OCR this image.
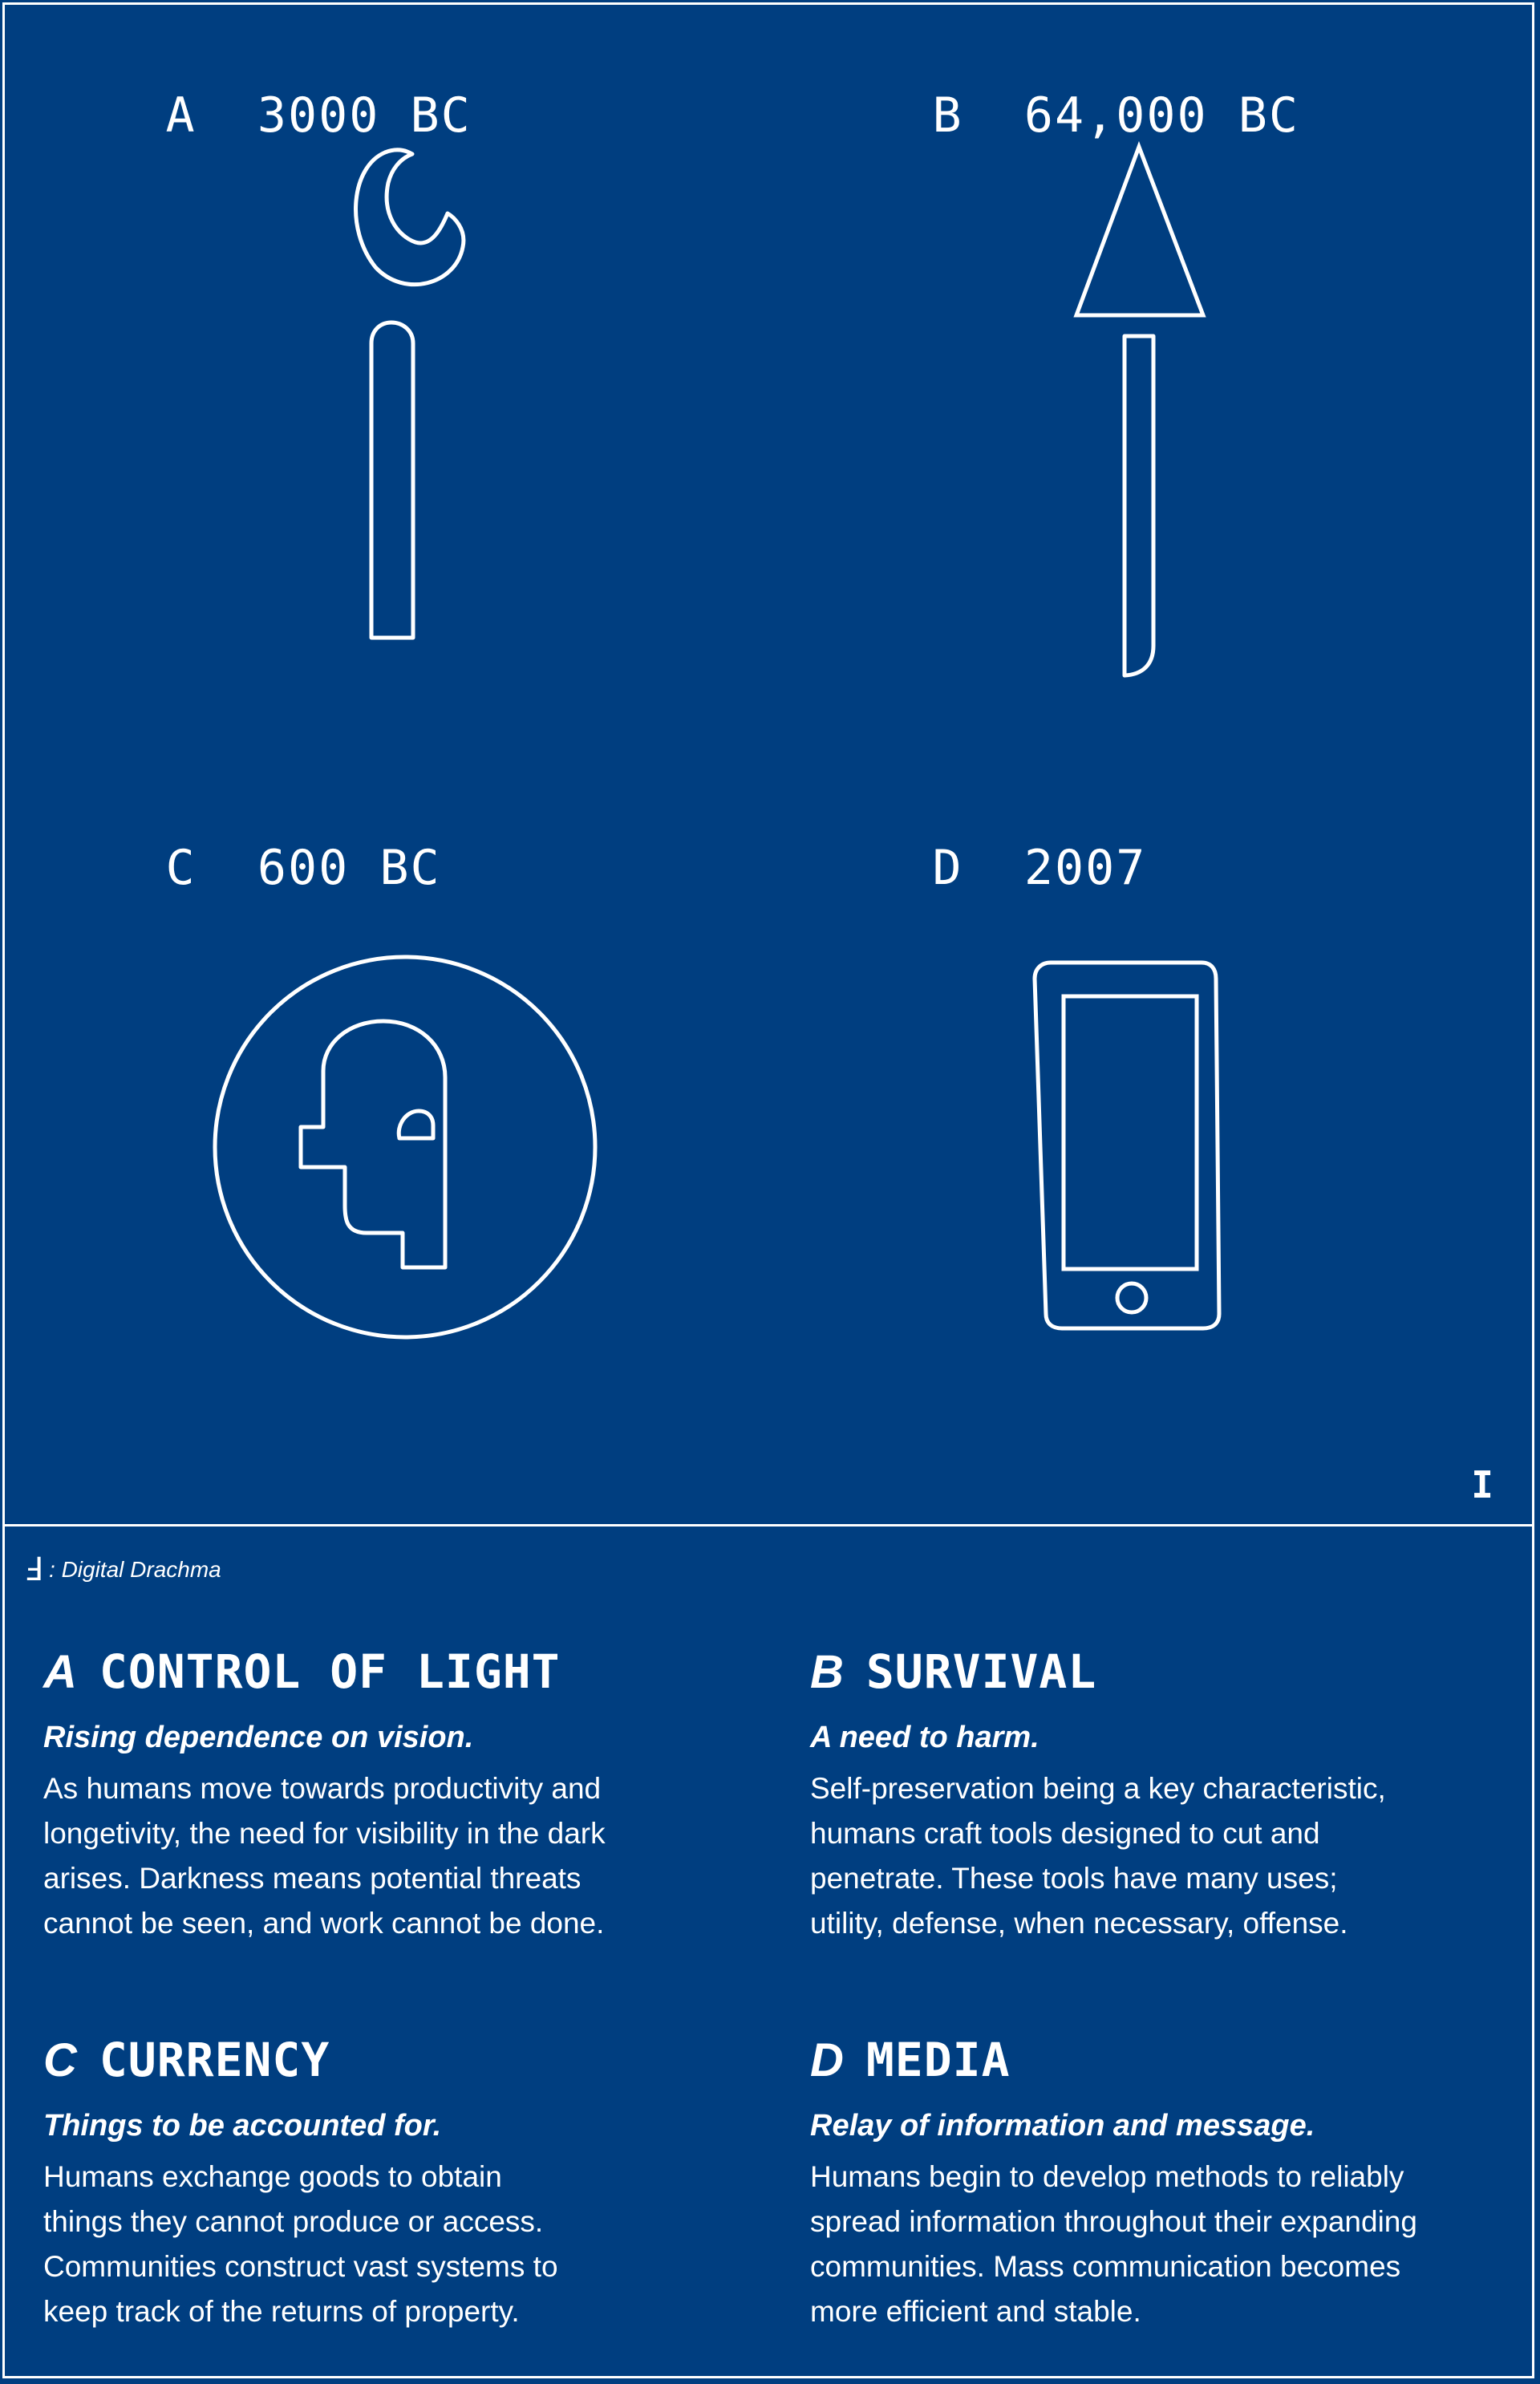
A 3000 BC
	B 64,000 BC

C 600 BC
	D 2007

I
Ⅎ : Digital Drachma
A CONTROL OF LIGHT
Rising dependence on vision.
As humans move towards productivity and
longetivity, the need for visibility in the dark
arises. Darkness means potential threats
cannot be seen, and work cannot be done.
B SURVIVAL
A need to harm.
Self-preservation being a key characteristic,
humans craft tools designed to cut and
penetrate. These tools have many uses;
utility, defense, when necessary, offense.
C CURRENCY
Things to be accounted for.
Humans exchange goods to obtain
things they cannot produce or access.
Communities construct vast systems to
keep track of the returns of property.
D MEDIA
Relay of information and message.
Humans begin to develop methods to reliably
spread information throughout their expanding
communities. Mass communication becomes
more efficient and stable.
